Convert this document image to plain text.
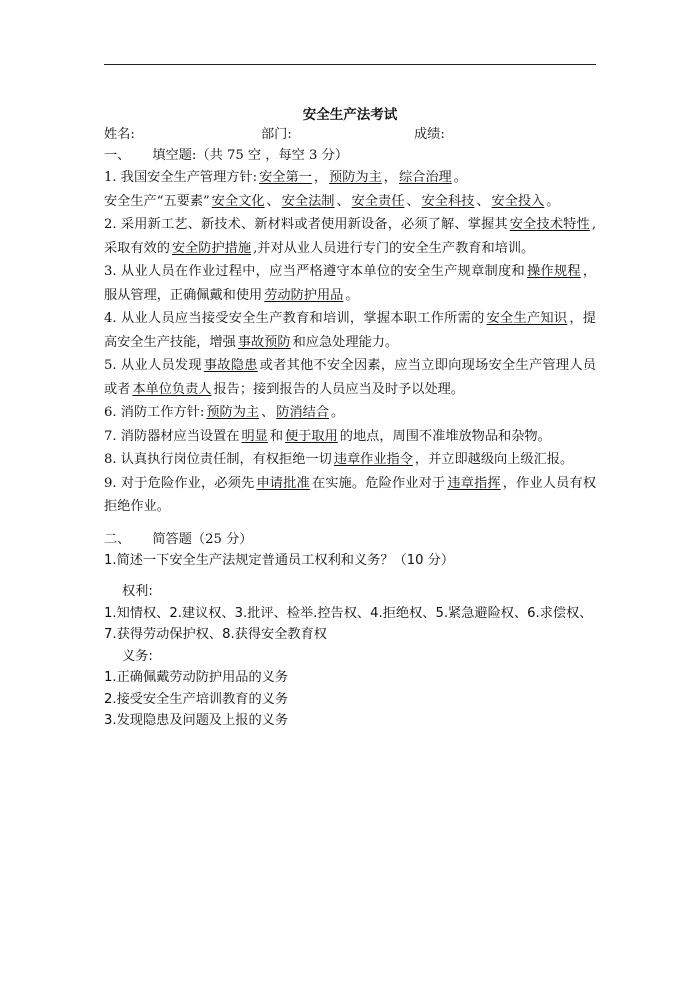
安全生产法考试
姓名:	部门:	成绩:
一、 填空题:（共 75 空 ，每空 3 分）
1. 我国安全生产管理方针: 安全第一 ， 预防为主 ， 综合治理 。
安全生产“五要素” 安全文化 、 安全法制 、 安全责任 、 安全科技 、 安全投入 。
2. 采用新工艺、新技术、新材料或者使用新设备，必须了解、掌握其 安全技术特性 ,采取有效的 安全防护措施 ,并对从业人员进行专门的安全生产教育和培训。
3. 从业人员在作业过程中，应当严格遵守本单位的安全生产规章制度和 操作规程 ，服从管理，正确佩戴和使用 劳动防护用品 。
4. 从业人员应当接受安全生产教育和培训，掌握本职工作所需的 安全生产知识 ，提高安全生产技能，增强 事故预防 和应急处理能力。
5. 从业人员发现 事故隐患 或者其他不安全因素，应当立即向现场安全生产管理人员或者 本单位负责人 报告；接到报告的人员应当及时予以处理。
6. 消防工作方针: 预防为主 、 防消结合 。
7. 消防器材应当设置在 明显 和 便于取用 的地点，周围不准堆放物品和杂物。
8. 认真执行岗位责任制，有权拒绝一切 违章作业指令 ，并立即越级向上级汇报。
9. 对于危险作业，必须先 申请批准 在实施。危险作业对于 违章指挥 ，作业人员有权拒绝作业。
二、 简答题（25 分）
1.简述一下安全生产法规定普通员工权利和义务？（10 分）
权利:
1.知情权、2.建议权、3.批评、检举.控告权、4.拒绝权、5.紧急避险权、6.求偿权、7.获得劳动保护权、8.获得安全教育权
义务:
1.正确佩戴劳动防护用品的义务
2.接受安全生产培训教育的义务
3.发现隐患及问题及上报的义务
